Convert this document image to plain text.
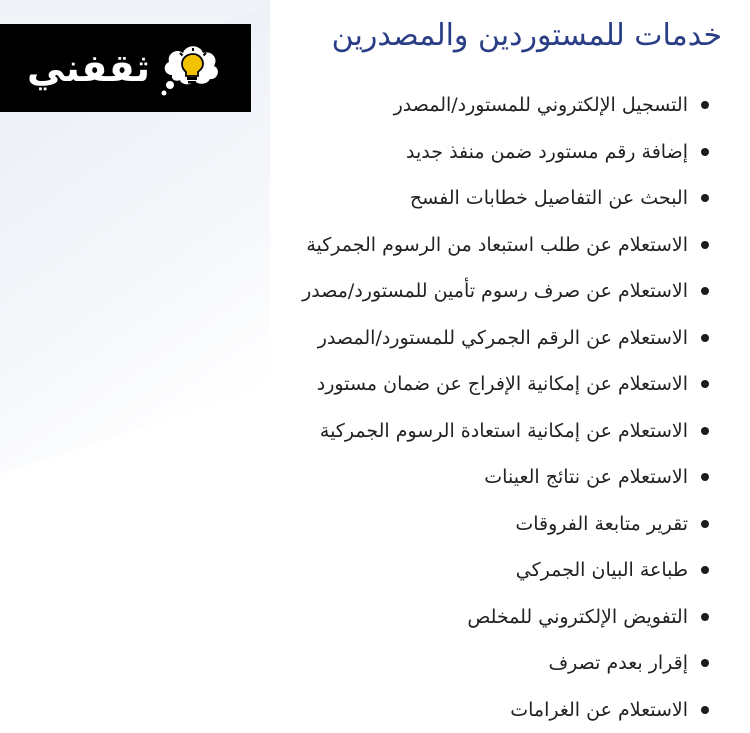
ثقفني
خدمات للمستوردين والمصدرين
التسجيل الإلكتروني للمستورد/المصدر
إضافة رقم مستورد ضمن منفذ جديد
البحث عن التفاصيل خطابات الفسح
الاستعلام عن طلب استبعاد من الرسوم الجمركية
الاستعلام عن صرف رسوم تأمين للمستورد/مصدر
الاستعلام عن الرقم الجمركي للمستورد/المصدر
الاستعلام عن إمكانية الإفراج عن ضمان مستورد
الاستعلام عن إمكانية استعادة الرسوم الجمركية
الاستعلام عن نتائج العينات
تقرير متابعة الفروقات
طباعة البيان الجمركي
التفويض الإلكتروني للمخلص
إقرار بعدم تصرف
الاستعلام عن الغرامات
